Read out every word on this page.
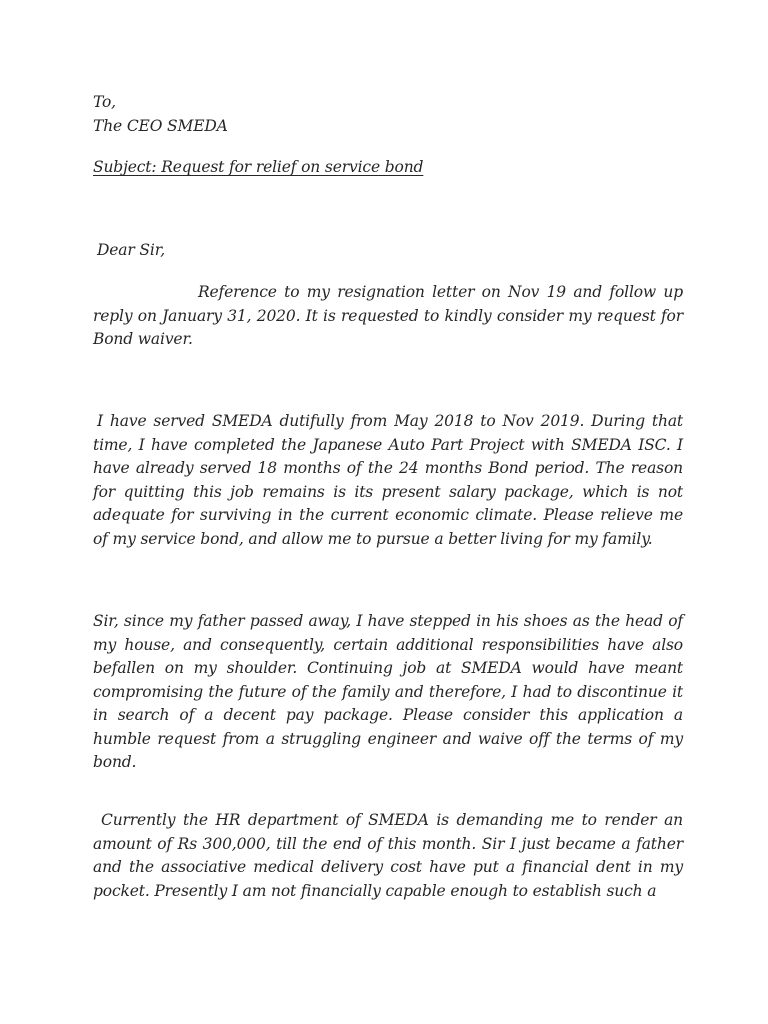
To,
The CEO SMEDA
Subject: Request for relief on service bond
Dear Sir,

Reference to my resignation letter on Nov 19 and follow up reply on January 31, 2020. It is requested to kindly consider my request for Bond waiver.

I have served SMEDA dutifully from May 2018 to Nov 2019. During that time, I have completed the Japanese Auto Part Project with SMEDA ISC. I have already served 18 months of the 24 months Bond period. The reason for quitting this job remains is its present salary package, which is not adequate for surviving in the current economic climate. Please relieve me of my service bond, and allow me to pursue a better living for my family.

Sir, since my father passed away, I have stepped in his shoes as the head of my house, and consequently, certain additional responsibilities have also befallen on my shoulder. Continuing job at SMEDA would have meant compromising the future of the family and therefore, I had to discontinue it in search of a decent pay package. Please consider this application a humble request from a struggling engineer and waive off the terms of my bond.

Currently the HR department of SMEDA is demanding me to render an amount of Rs 300,000, till the end of this month. Sir I just became a father and the associative medical delivery cost have put a financial dent in my pocket. Presently I am not financially capable enough to establish such a
